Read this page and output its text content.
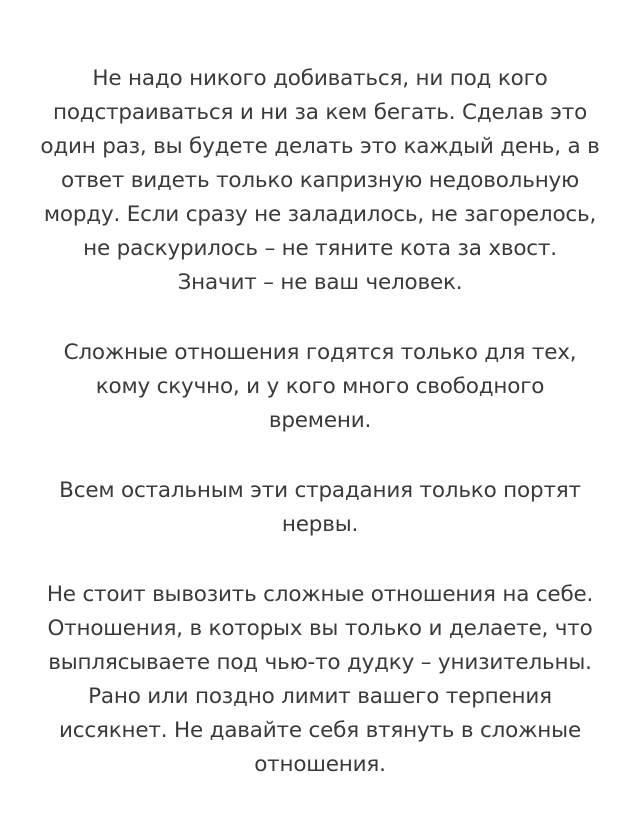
Не надо никого добиваться, ни под кого
подстраиваться и ни за кем бегать. Сделав это
один раз, вы будете делать это каждый день, а в
ответ видеть только капризную недовольную
морду. Если сразу не заладилось, не загорелось,
не раскурилось – не тяните кота за хвост.
Значит – не ваш человек.

Сложные отношения годятся только для тех,
кому скучно, и у кого много свободного
времени.

Всем остальным эти страдания только портят
нервы.

Не стоит вывозить сложные отношения на себе.
Отношения, в которых вы только и делаете, что
выплясываете под чью-то дудку – унизительны.
Рано или поздно лимит вашего терпения
иссякнет. Не давайте себя втянуть в сложные
отношения.
